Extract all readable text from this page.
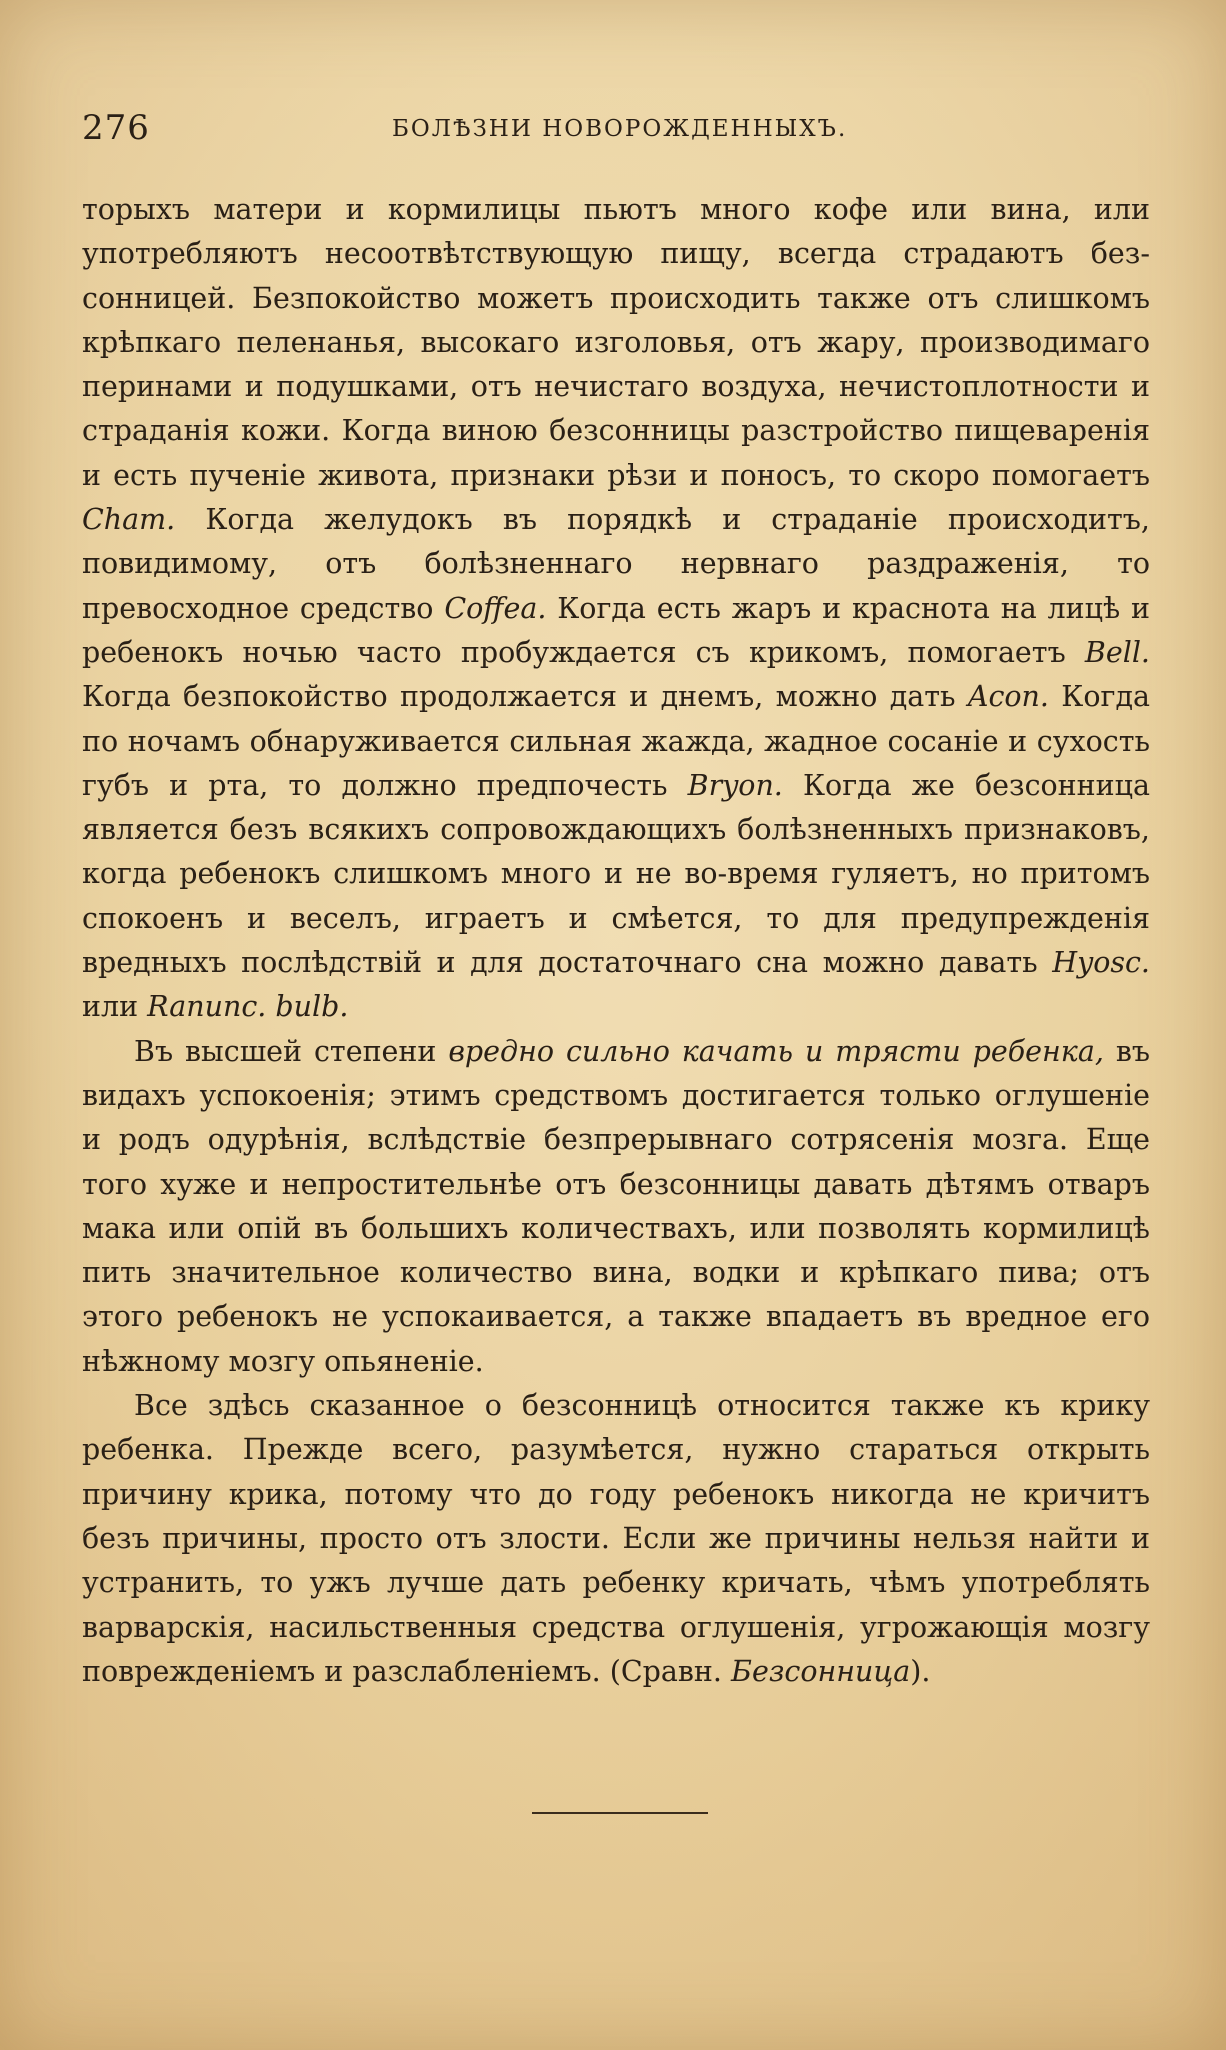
276	БОЛѢЗНИ НОВОРОЖДЕННЫХЪ.

торыхъ матери и кормилицы пьютъ много кофе или вина, или употребляютъ несоотвѣтствующую пищу, всегда страдаютъ безсонницей. Безпокойство можетъ происходить также отъ слишкомъ крѣпкаго пеленанья, высокаго изголовья, отъ жару, производимаго перинами и подушками, отъ нечистаго воздуха, нечистоплотности и страданія кожи. Когда виною безсонницы разстройство пищеваренія и есть пученіе живота, признаки рѣзи и поносъ, то скоро помогаетъ Cham. Когда желудокъ въ порядкѣ и страданіе происходитъ, повидимому, отъ болѣзненнаго нервнаго раздраженія, то превосходное средство Coffea. Когда есть жаръ и краснота на лицѣ и ребенокъ ночью часто пробуждается съ крикомъ, помогаетъ Bell. Когда безпокойство продолжается и днемъ, можно дать Acon. Когда по ночамъ обнаруживается сильная жажда, жадное сосаніе и сухость губъ и рта, то должно предпочесть Bryon. Когда же безсонница является безъ всякихъ сопровождающихъ болѣзненныхъ признаковъ, когда ребенокъ слишкомъ много и не во-время гуляетъ, но притомъ спокоенъ и веселъ, играетъ и смѣется, то для предупрежденія вредныхъ послѣдствій и для достаточнаго сна можно давать Hyosc. или Ranunc. bulb.

Въ высшей степени вредно сильно качать и трясти ребенка, въ видахъ успокоенія; этимъ средствомъ достигается только оглушеніе и родъ одурѣнія, вслѣдствіе безпрерывнаго сотрясенія мозга. Еще того хуже и непростительнѣе отъ безсонницы давать дѣтямъ отваръ мака или опій въ большихъ количествахъ, или позволять кормилицѣ пить значительное количество вина, водки и крѣпкаго пива; отъ этого ребенокъ не успокаивается, а также впадаетъ въ вредное его нѣжному мозгу опьяненіе.

Все здѣсь сказанное о безсонницѣ относится также къ крику ребенка. Прежде всего, разумѣется, нужно стараться открыть причину крика, потому что до году ребенокъ никогда не кричитъ безъ причины, просто отъ злости. Если же причины нельзя найти и устранить, то ужъ лучше дать ребенку кричать, чѣмъ употреблять варварскія, насильственныя средства оглушенія, угрожающія мозгу поврежденіемъ и разслабленіемъ. (Сравн. Безсонница).
